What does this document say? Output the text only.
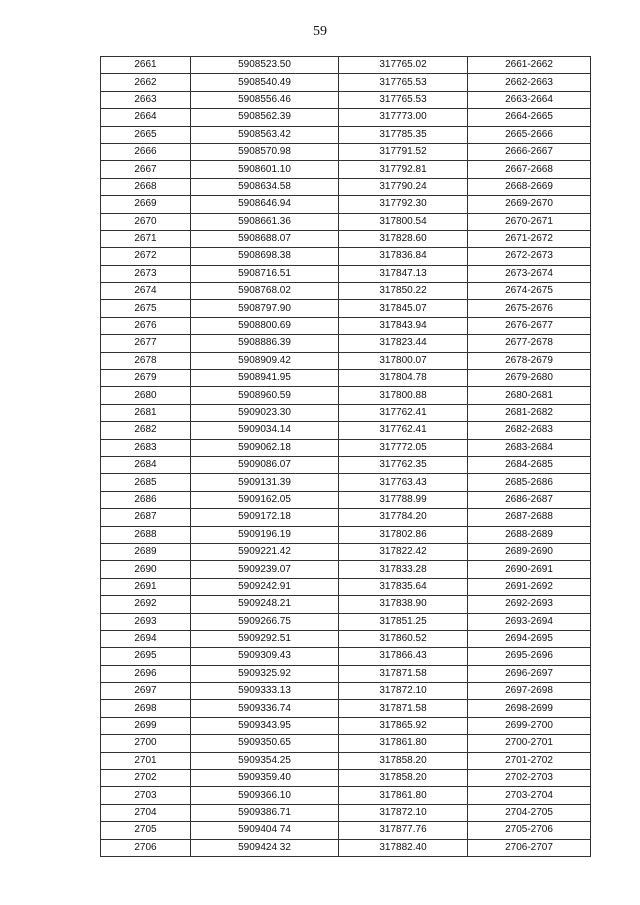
59
2661	5908523.50	317765.02	2661-2662
2662	5908540.49	317765.53	2662-2663
2663	5908556.46	317765.53	2663-2664
2664	5908562.39	317773.00	2664-2665
2665	5908563.42	317785.35	2665-2666
2666	5908570.98	317791.52	2666-2667
2667	5908601.10	317792.81	2667-2668
2668	5908634.58	317790.24	2668-2669
2669	5908646.94	317792.30	2669-2670
2670	5908661.36	317800.54	2670-2671
2671	5908688.07	317828.60	2671-2672
2672	5908698.38	317836.84	2672-2673
2673	5908716.51	317847.13	2673-2674
2674	5908768.02	317850.22	2674-2675
2675	5908797.90	317845.07	2675-2676
2676	5908800.69	317843.94	2676-2677
2677	5908886.39	317823.44	2677-2678
2678	5908909.42	317800.07	2678-2679
2679	5908941.95	317804.78	2679-2680
2680	5908960.59	317800.88	2680-2681
2681	5909023.30	317762.41	2681-2682
2682	5909034.14	317762.41	2682-2683
2683	5909062.18	317772.05	2683-2684
2684	5909086.07	317762.35	2684-2685
2685	5909131.39	317763.43	2685-2686
2686	5909162.05	317788.99	2686-2687
2687	5909172.18	317784.20	2687-2688
2688	5909196.19	317802.86	2688-2689
2689	5909221.42	317822.42	2689-2690
2690	5909239.07	317833.28	2690-2691
2691	5909242.91	317835.64	2691-2692
2692	5909248.21	317838.90	2692-2693
2693	5909266.75	317851.25	2693-2694
2694	5909292.51	317860.52	2694-2695
2695	5909309.43	317866.43	2695-2696
2696	5909325.92	317871.58	2696-2697
2697	5909333.13	317872.10	2697-2698
2698	5909336.74	317871.58	2698-2699
2699	5909343.95	317865.92	2699-2700
2700	5909350.65	317861.80	2700-2701
2701	5909354.25	317858.20	2701-2702
2702	5909359.40	317858.20	2702-2703
2703	5909366.10	317861.80	2703-2704
2704	5909386.71	317872.10	2704-2705
2705	5909404 74	317877.76	2705-2706
2706	5909424 32	317882.40	2706-2707
